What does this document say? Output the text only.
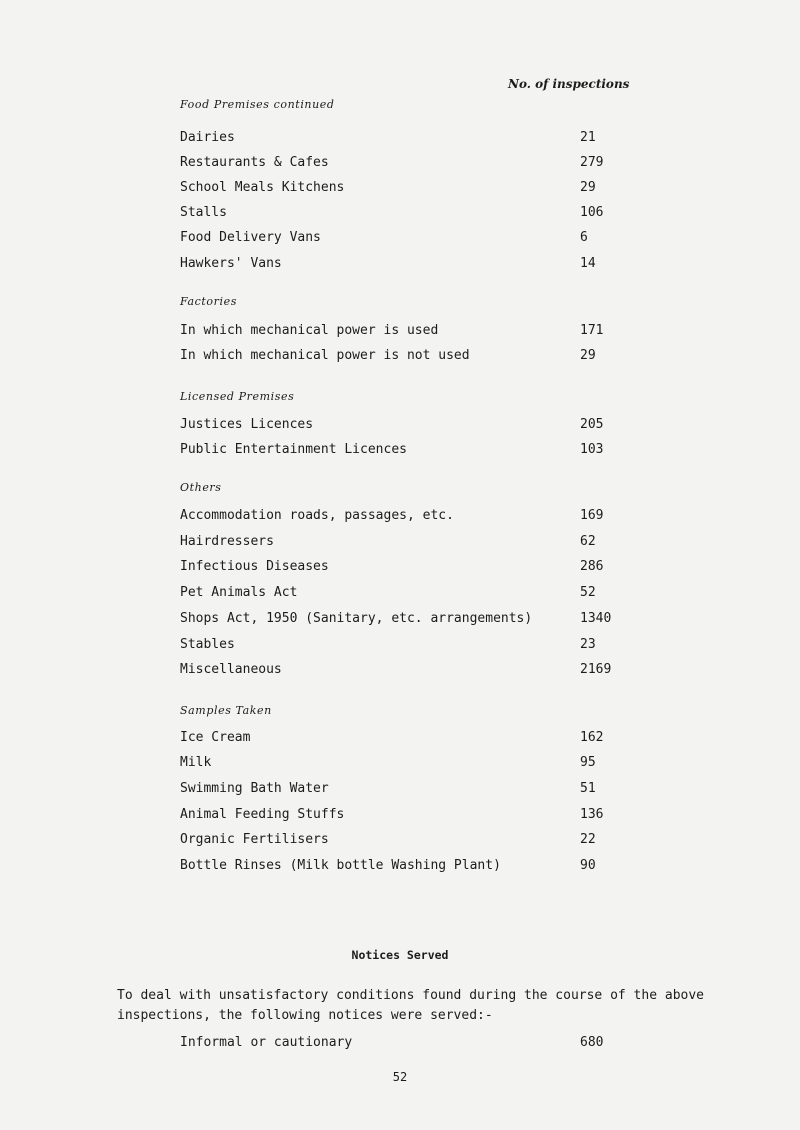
No. of inspections
Food Premises continued
Dairies	21
Restaurants & Cafes	279
School Meals Kitchens	29
Stalls	106
Food Delivery Vans	6
Hawkers' Vans	14
Factories
In which mechanical power is used	171
In which mechanical power is not used	29
Licensed Premises
Justices Licences	205
Public Entertainment Licences	103
Others
Accommodation roads, passages, etc.	169
Hairdressers	62
Infectious Diseases	286
Pet Animals Act	52
Shops Act, 1950 (Sanitary, etc. arrangements)	1340
Stables	23
Miscellaneous	2169
Samples Taken
Ice Cream	162
Milk	95
Swimming Bath Water	51
Animal Feeding Stuffs	136
Organic Fertilisers	22
Bottle Rinses (Milk bottle Washing Plant)	90
Notices Served
To deal with unsatisfactory conditions found during the course of the above
inspections, the following notices were served:-
Informal or cautionary	680
52
